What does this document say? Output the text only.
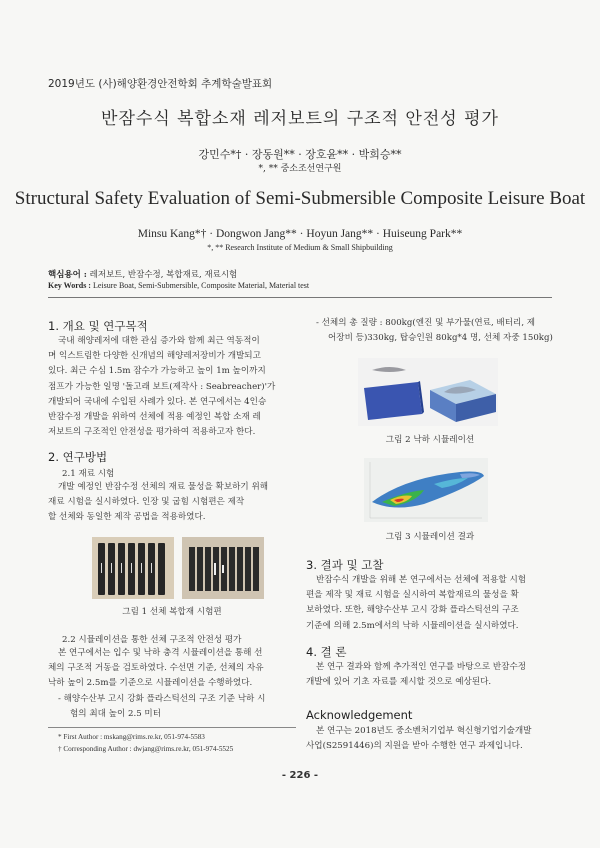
2019년도 (사)해양환경안전학회 추계학술발표회
반잠수식 복합소재 레저보트의 구조적 안전성 평가
강민수*† · 장동원** · 장호윤** · 박희승**
*, ** 중소조선연구원
Structural Safety Evaluation of Semi-Submersible Composite Leisure Boat
Minsu Kang*† · Dongwon Jang** · Hoyun Jang** · Huiseung Park**
*, ** Research Institute of Medium & Small Shipbuilding
핵심용어 : 레저보트, 반잠수정, 복합재료, 재료시험
Key Words : Leisure Boat, Semi-Submersible, Composite Material, Material test
1. 개요 및 연구목적
국내 해양레저에 대한 관심 증가와 함께 최근 역동적이
며 익스트림한 다양한 신개념의 해양레저장비가 개발되고
있다. 최근 수심 1.5m 잠수가 가능하고 높이 1m 높이까지
점프가 가능한 일명 '돌고래 보트(제작사 : Seabreacher)'가
개발되어 국내에 수입된 사례가 있다. 본 연구에서는 4인승
반잠수정 개발을 위하여 선체에 적용 예정인 복합 소재 레
저보트의 구조적인 안전성을 평가하여 적용하고자 한다.
2. 연구방법
2.1 재료 시험
개발 예정인 반잠수정 선체의 재료 물성을 확보하기 위해
재료 시험을 실시하였다. 인장 및 굽힘 시험편은 제작
할 선체와 동일한 제작 공법을 적용하였다.
그림 1 선체 복합재 시험편
2.2 시뮬레이션을 통한 선체 구조적 안전성 평가
본 연구에서는 입수 및 낙하 충격 시뮬레이션을 통해 선
체의 구조적 거동을 검토하였다. 수선면 기준, 선체의 자유
낙하 높이 2.5m를 기준으로 시뮬레이션을 수행하였다.
- 해양수산부 고시 강화 플라스틱선의 구조 기준 낙하 시
험의 최대 높이 2.5 미터
* First Author : mskang@rims.re.kr, 051-974-5583
† Corresponding Author : dwjang@rims.re.kr, 051-974-5525
- 선체의 총 질량 : 800kg(엔진 및 부가물(연료, 배터리, 제
어장비 등)330kg, 탑승인원 80kg*4 명, 선체 자중 150kg)
그림 2 낙하 시뮬레이션
그림 3 시뮬레이션 결과
3. 결과 및 고찰
반잠수식 개발을 위해 본 연구에서는 선체에 적용할 시험
편을 제작 및 재료 시험을 실시하여 복합재료의 물성을 확
보하였다. 또한, 해양수산부 고시 강화 플라스틱선의 구조
기준에 의해 2.5m에서의 낙하 시뮬레이션을 실시하였다.
4. 결 론
본 연구 결과와 함께 추가적인 연구를 바탕으로 반잠수정
개발에 있어 기초 자료를 제시할 것으로 예상된다.
Acknowledgement
본 연구는 2018년도 중소벤처기업부 혁신형기업기술개발
사업(S2591446)의 지원을 받아 수행한 연구 과제입니다.
- 226 -
